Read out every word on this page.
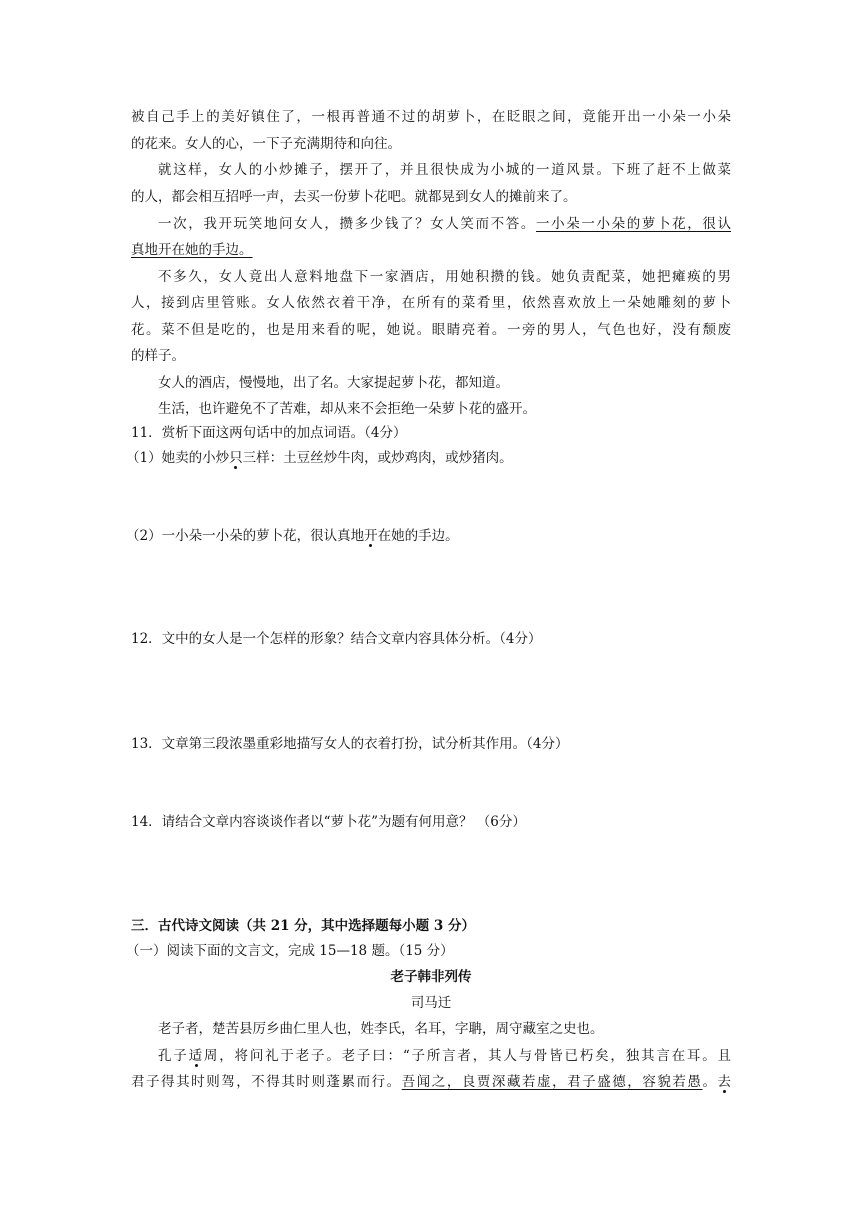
被自己手上的美好镇住了，一根再普通不过的胡萝卜，在眨眼之间，竟能开出一小朵一小朵
的花来。女人的心，一下子充满期待和向往。
就这样，女人的小炒摊子，摆开了，并且很快成为小城的一道风景。下班了赶不上做菜
的人，都会相互招呼一声，去买一份萝卜花吧。就都晃到女人的摊前来了。
一次，我开玩笑地问女人，攒多少钱了？女人笑而不答。一小朵一小朵的萝卜花，很认
真地开在她的手边。
不多久，女人竟出人意料地盘下一家酒店，用她积攒的钱。她负责配菜，她把瘫痪的男
人，接到店里管账。女人依然衣着干净，在所有的菜肴里，依然喜欢放上一朵她雕刻的萝卜
花。菜不但是吃的，也是用来看的呢，她说。眼睛亮着。一旁的男人，气色也好，没有颓废
的样子。
女人的酒店，慢慢地，出了名。大家提起萝卜花，都知道。
生活，也许避免不了苦难，却从来不会拒绝一朵萝卜花的盛开。
11．赏析下面这两句话中的加点词语。（4分）
（1）她卖的小炒只三样：土豆丝炒牛肉，或炒鸡肉，或炒猪肉。
（2）一小朵一小朵的萝卜花，很认真地开在她的手边。
12．文中的女人是一个怎样的形象？结合文章内容具体分析。（4分）
13．文章第三段浓墨重彩地描写女人的衣着打扮，试分析其作用。（4分）
14．请结合文章内容谈谈作者以“萝卜花”为题有何用意？ （6分）
三．古代诗文阅读（共 21 分，其中选择题每小题 3 分）
（一）阅读下面的文言文，完成 15—18 题。（15 分）
老子韩非列传
司马迁
老子者，楚苦县厉乡曲仁里人也，姓李氏，名耳，字聃，周守藏室之史也。
孔子适周，将问礼于老子。老子曰：“子所言者，其人与骨皆已朽矣，独其言在耳。且
君子得其时则驾，不得其时则蓬累而行。吾闻之，良贾深藏若虚，君子盛德，容貌若愚。去
